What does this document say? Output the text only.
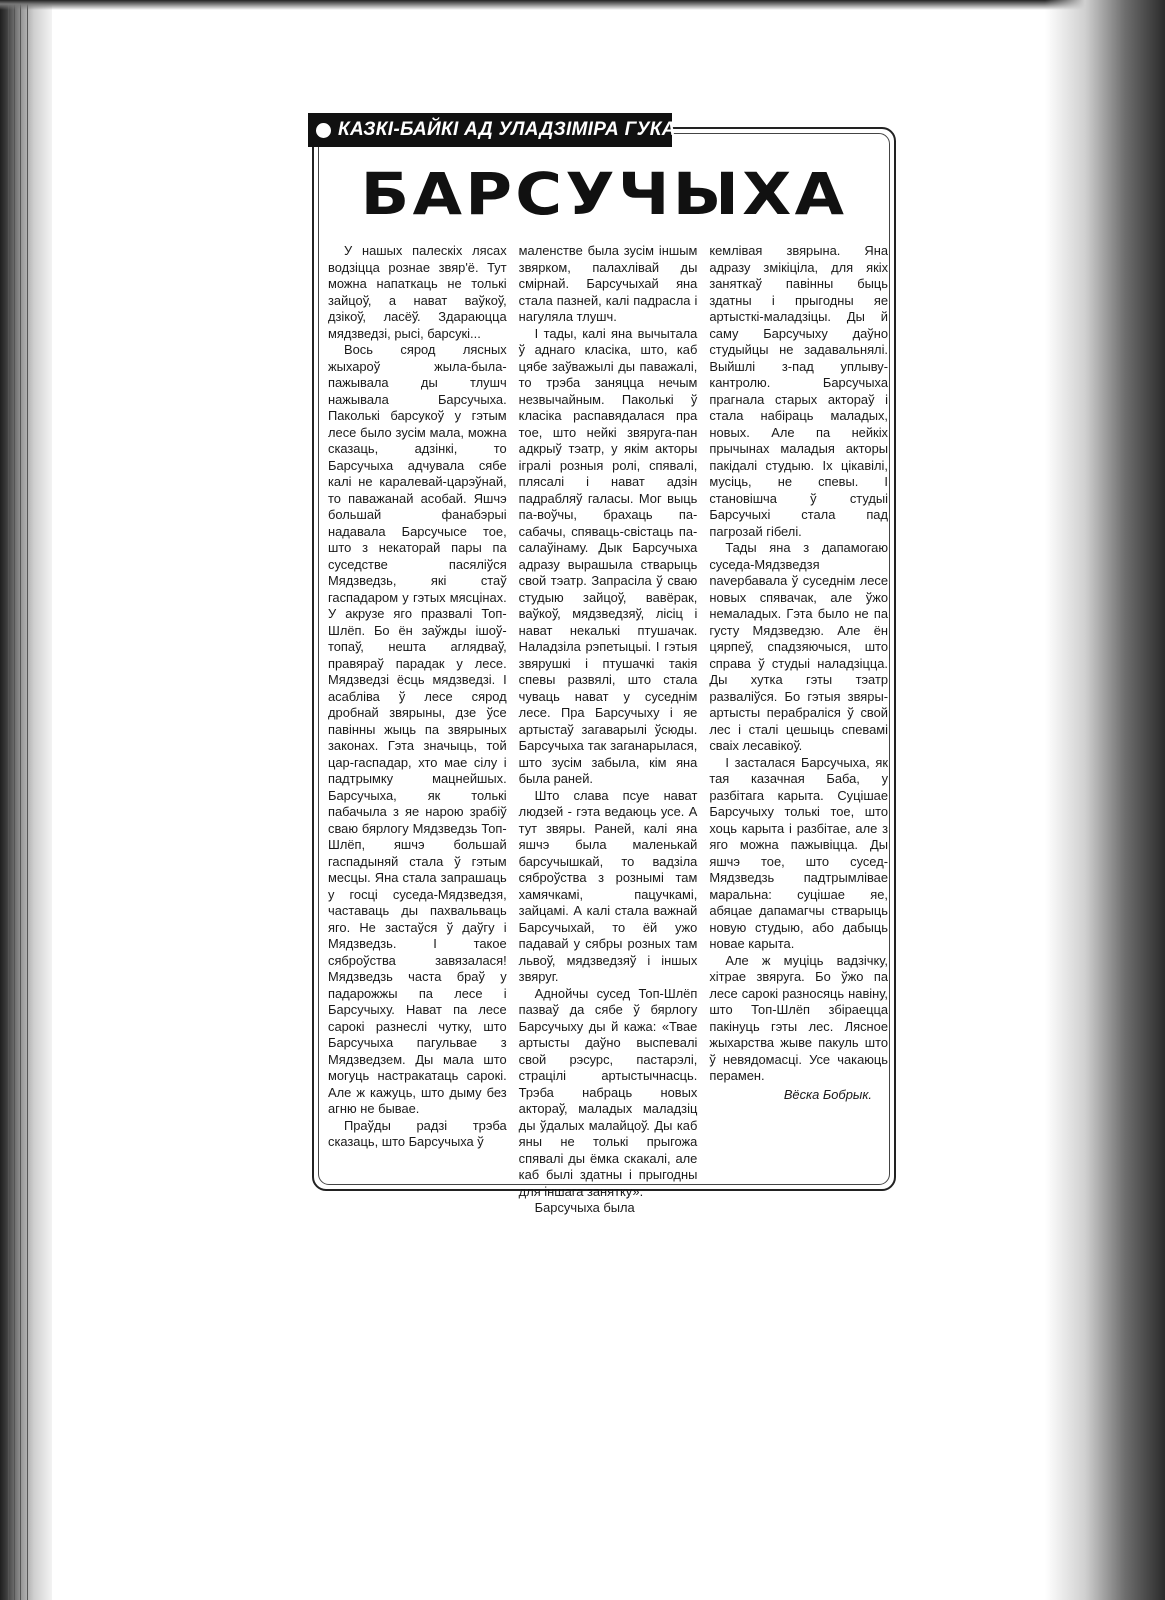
КАЗКІ-БАЙКІ АД УЛАДЗІМІРА ГУКА
БАРСУЧЫХА

У нашых палескіх лясах водзіцца рознае звяр'ё. Тут можна напаткаць не толькі зайцоў, а нават ваўкоў, дзікоў, ласёў. Здараюцца мядзведзі, рысі, барсукі...

Вось сярод лясных жыхароў жыла-была-пажывала ды тлушч нажывала Барсучыха. Паколькі барсукоў у гэтым лесе было зусім мала, можна сказаць, адзінкі, то Барсучыха адчувала сябе калі не каралевай-царэўнай, то паважанай асобай. Яшчэ большай фанабэрыі надавала Барсучысе тое, што з некаторай пары па суседстве пасяліўся Мядзведзь, які стаў гаспадаром у гэтых мясцінах. У акрузе яго празвалі Топ-Шлёп. Бо ён заўжды ішоў-топаў, нешта аглядваў, правяраў парадак у лесе. Мядзведзі ёсць мядзведзі. І асабліва ў лесе сярод дробнай звярыны, дзе ўсе павінны жыць па звярыных законах. Гэта значыць, той цар-гаспадар, хто мае сілу і падтрымку мацнейшых. Барсучыха, як толькі пабачыла з яе нарою зрабіў сваю бярлогу Мядзведзь Топ-Шлёп, яшчэ большай гаспадыняй стала ў гэтым месцы. Яна стала запрашаць у госці суседа-Мядзведзя, частаваць ды пахвальваць яго. Не застаўся ў даўгу і Мядзведзь. І такое сяброўства завязалася! Мядзведзь часта браў у падарожжы па лесе і Барсучыху. Нават па лесе сарокі разнеслі чутку, што Барсучыха пагульвае з Мядзведзем. Ды мала што могуць настракатаць сарокі. Але ж кажуць, што дыму без агню не бывае.

Праўды радзі трэба сказаць, што Барсучыха ў

маленстве была зусім іншым звярком, палахлівай ды смірнай. Барсучыхай яна стала пазней, калі падрасла і нагуляла тлушч.

І тады, калі яна вычытала ў аднаго класіка, што, каб цябе заўважылі ды паважалі, то трэба заняцца нечым незвычайным. Паколькі ў класіка распавядалася пра тое, што нейкі звяруга-пан адкрыў тэатр, у якім акторы ігралі розныя ролі, спявалі, плясалі і нават адзін падрабляў галасы. Мог выць па-воўчы, брахаць па-сабачы, спяваць-свістаць па-салаўінаму. Дык Барсучыха адразу вырашыла стварыць свой тэатр. Запрасіла ў сваю студыю зайцоў, вавёрак, ваўкоў, мядзведзяў, лісіц і нават некалькі птушачак. Наладзіла рэпетыцыі. І гэтыя звярушкі і птушачкі такія спевы развялі, што стала чуваць нават у суседнім лесе. Пра Барсучыху і яе артыстаў загаварылі ўсюды. Барсучыха так заганарылася, што зусім забыла, кім яна была раней.

Што слава псуе нават людзей - гэта ведаюць усе. А тут звяры. Раней, калі яна яшчэ была маленькай барсучышкай, то вадзіла сяброўства з рознымі там хамячкамі, пацучкамі, зайцамі. А калі стала важнай Барсучыхай, то ёй ужо падавай у сябры розных там львоў, мядзведзяў і іншых звяруг.

Аднойчы сусед Топ-Шлёп пазваў да сябе ў бярлогу Барсучыху ды й кажа: «Твае артысты даўно выспевалі свой рэсурс, пастарэлі, страцілі артыстычнасць. Трэба набраць новых актораў, маладых маладзіц ды ўдалых малайцоў. Ды каб яны не толькі прыгожа спявалі ды ёмка скакалі, але каб былі здатны і прыгодны для іншага занятку».

Барсучыха была

кемлівая звярына. Яна адразу змікіціла, для якіх заняткаў павінны быць здатны і прыгодны яе артысткі-маладзіцы. Ды й саму Барсучыху даўно студыйцы не задавальнялі. Выйшлі з-пад уплыву-кантролю. Барсучыха прагнала старых актораў і стала набіраць маладых, новых. Але па нейкіх прычынах маладыя акторы пакідалі студыю. Іх цікавілі, мусіць, не спевы. І становішча ў студыі Барсучыхі стала пад пагрозай гібелі.

Тады яна з дапамогаю суседа-Мядзведзя navербавала ў суседнім лесе новых спявачак, але ўжо немаладых. Гэта было не па густу Мядзведзю. Але ён цярпеў, спадзяючыся, што справа ў студыі наладзіцца. Ды хутка гэты тэатр развaліўся. Бо гэтыя звяры-артысты перабраліся ў свой лес і сталі цешыць спевамі сваіх лесавікоў.

І засталася Барсучыха, як тая казачная Баба, у разбітага карыта. Суцішае Барсучыху толькі тое, што хоць карыта і разбітае, але з яго можна пажывіцца. Ды яшчэ тое, што сусед-Мядзведзь падтрымлівае маральна: суцішае яе, абяцае дапамагчы стварыць новую студыю, або дабыць новае карыта.

Але ж муціць вадзічку, хітрае звяруга. Бо ўжо па лесе сарокі разносяць навіну, што Топ-Шлёп збіраецца пакінуць гэты лес. Лясное жыхарства жыве пакуль што ў невядомасці. Усе чакаюць перамен.

Вёска Бобрык.
